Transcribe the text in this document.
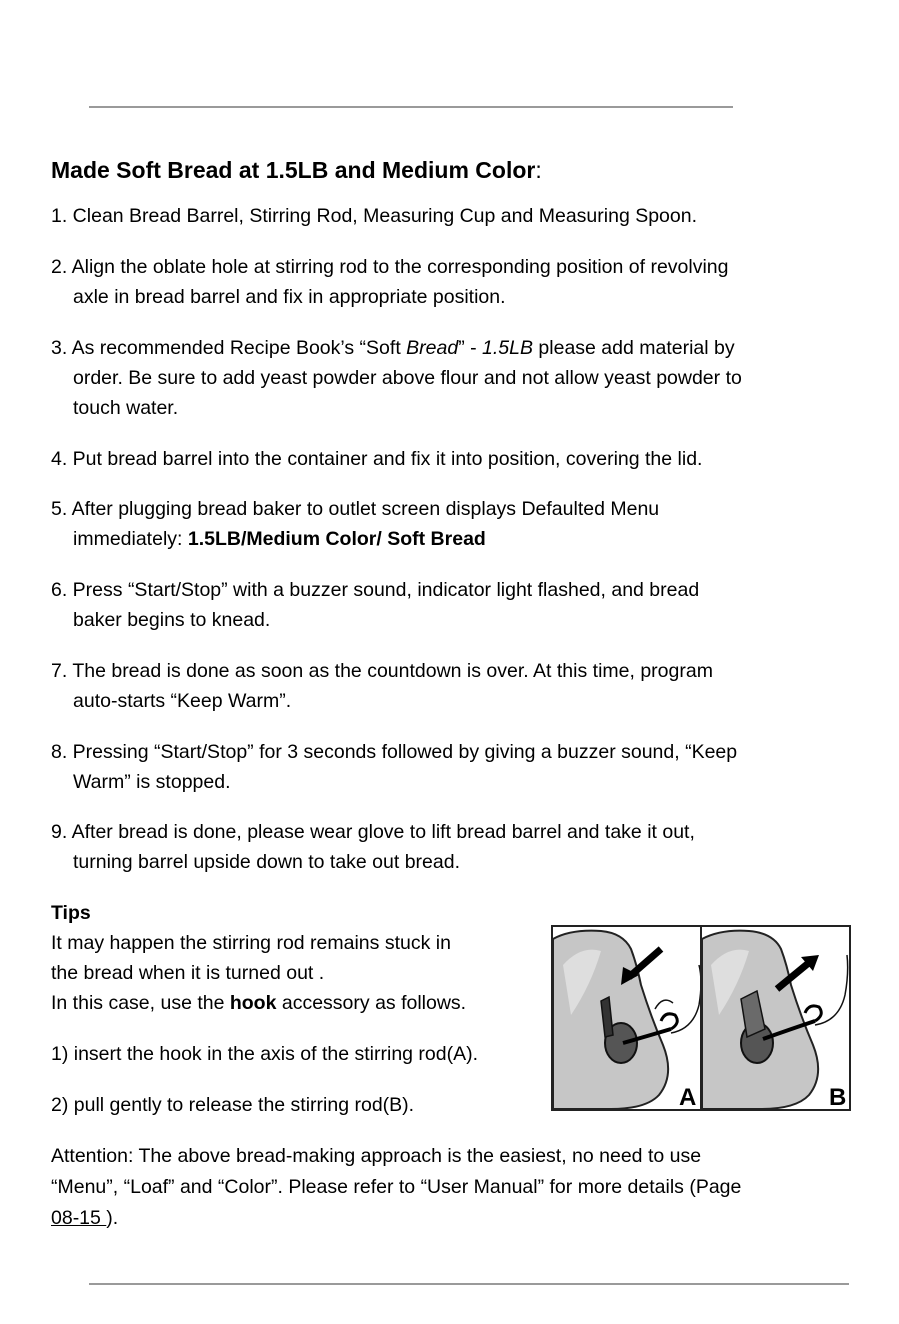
Made Soft Bread at 1.5LB and Medium Color:
1. Clean Bread Barrel, Stirring Rod, Measuring Cup and Measuring Spoon.
2. Align the oblate hole at stirring rod to the corresponding position of revolving
axle in bread barrel and fix in appropriate position.
3. As recommended Recipe Book’s “Soft Bread” - 1.5LB please add material by
order. Be sure to add yeast powder above flour and not allow yeast powder to
touch water.
4. Put bread barrel into the container and fix it into position, covering the lid.
5. After plugging bread baker to outlet screen displays Defaulted Menu
immediately: 1.5LB/Medium Color/ Soft Bread
6. Press “Start/Stop” with a buzzer sound, indicator light flashed, and bread
baker begins to knead.
7. The bread is done as soon as the countdown is over. At this time, program
auto-starts “Keep Warm”.
8. Pressing “Start/Stop” for 3 seconds followed by giving a buzzer sound, “Keep
Warm” is stopped.
9. After bread is done, please wear glove to lift bread barrel and take it out,
turning barrel upside down to take out bread.
Tips
It may happen the stirring rod remains stuck in
the bread when it is turned out .
In this case, use the hook accessory as follows.
1) insert the hook in the axis of the stirring rod(A).
2) pull gently to release the stirring rod(B).	A	B
Attention: The above bread-making approach is the easiest, no need to use
“Menu”, “Loaf” and “Color”. Please refer to “User Manual” for more details (Page
08-15 ).
